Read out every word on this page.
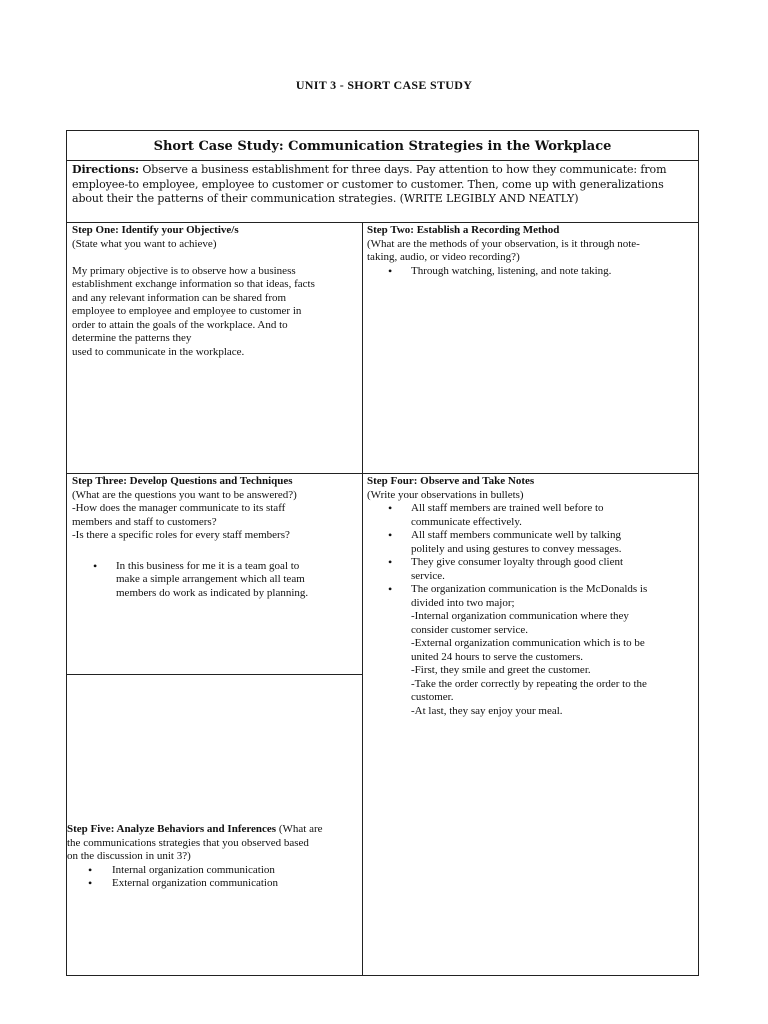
UNIT 3 - SHORT CASE STUDY
Short Case Study: Communication Strategies in the Workplace
Directions: Observe a business establishment for three days. Pay attention to how they communicate: from employee-to employee, employee to customer or customer to customer. Then, come up with generalizations about their the patterns of their communication strategies. (WRITE LEGIBLY AND NEATLY)

Step One: Identify your Objective/s

(State what you want to achieve)

My primary objective is to observe how a business

establishment exchange information so that ideas, facts

and any relevant information can be shared from

employee to employee and employee to customer in

order to attain the goals of the workplace. And to

determine the patterns they

used to communicate in the workplace.

Step Two: Establish a Recording Method

(What are the methods of your observation, is it through note-

taking, audio, or video recording?)

• Through watching, listening, and note taking.

Step Three: Develop Questions and Techniques

(What are the questions you want to be answered?)

-How does the manager communicate to its staff

members and staff to customers?

-Is there a specific roles for every staff members?

• In this business for me it is a team goal to
make a simple arrangement which all team
members do work as indicated by planning.

Step Four: Observe and Take Notes

(Write your observations in bullets)

• All staff members are trained well before to
communicate effectively.
• All staff members communicate well by talking
politely and using gestures to convey messages.
• They give consumer loyalty through good client
service.
• The organization communication is the McDonalds is
divided into two major;
-Internal organization communication where they
consider customer service.
-External organization communication which is to be
united 24 hours to serve the customers.
-First, they smile and greet the customer.
-Take the order correctly by repeating the order to the
customer.
-At last, they say enjoy your meal.

Step Five: Analyze Behaviors and Inferences (What are

the communications strategies that you observed based

on the discussion in unit 3?)

• Internal organization communication
• External organization communication
